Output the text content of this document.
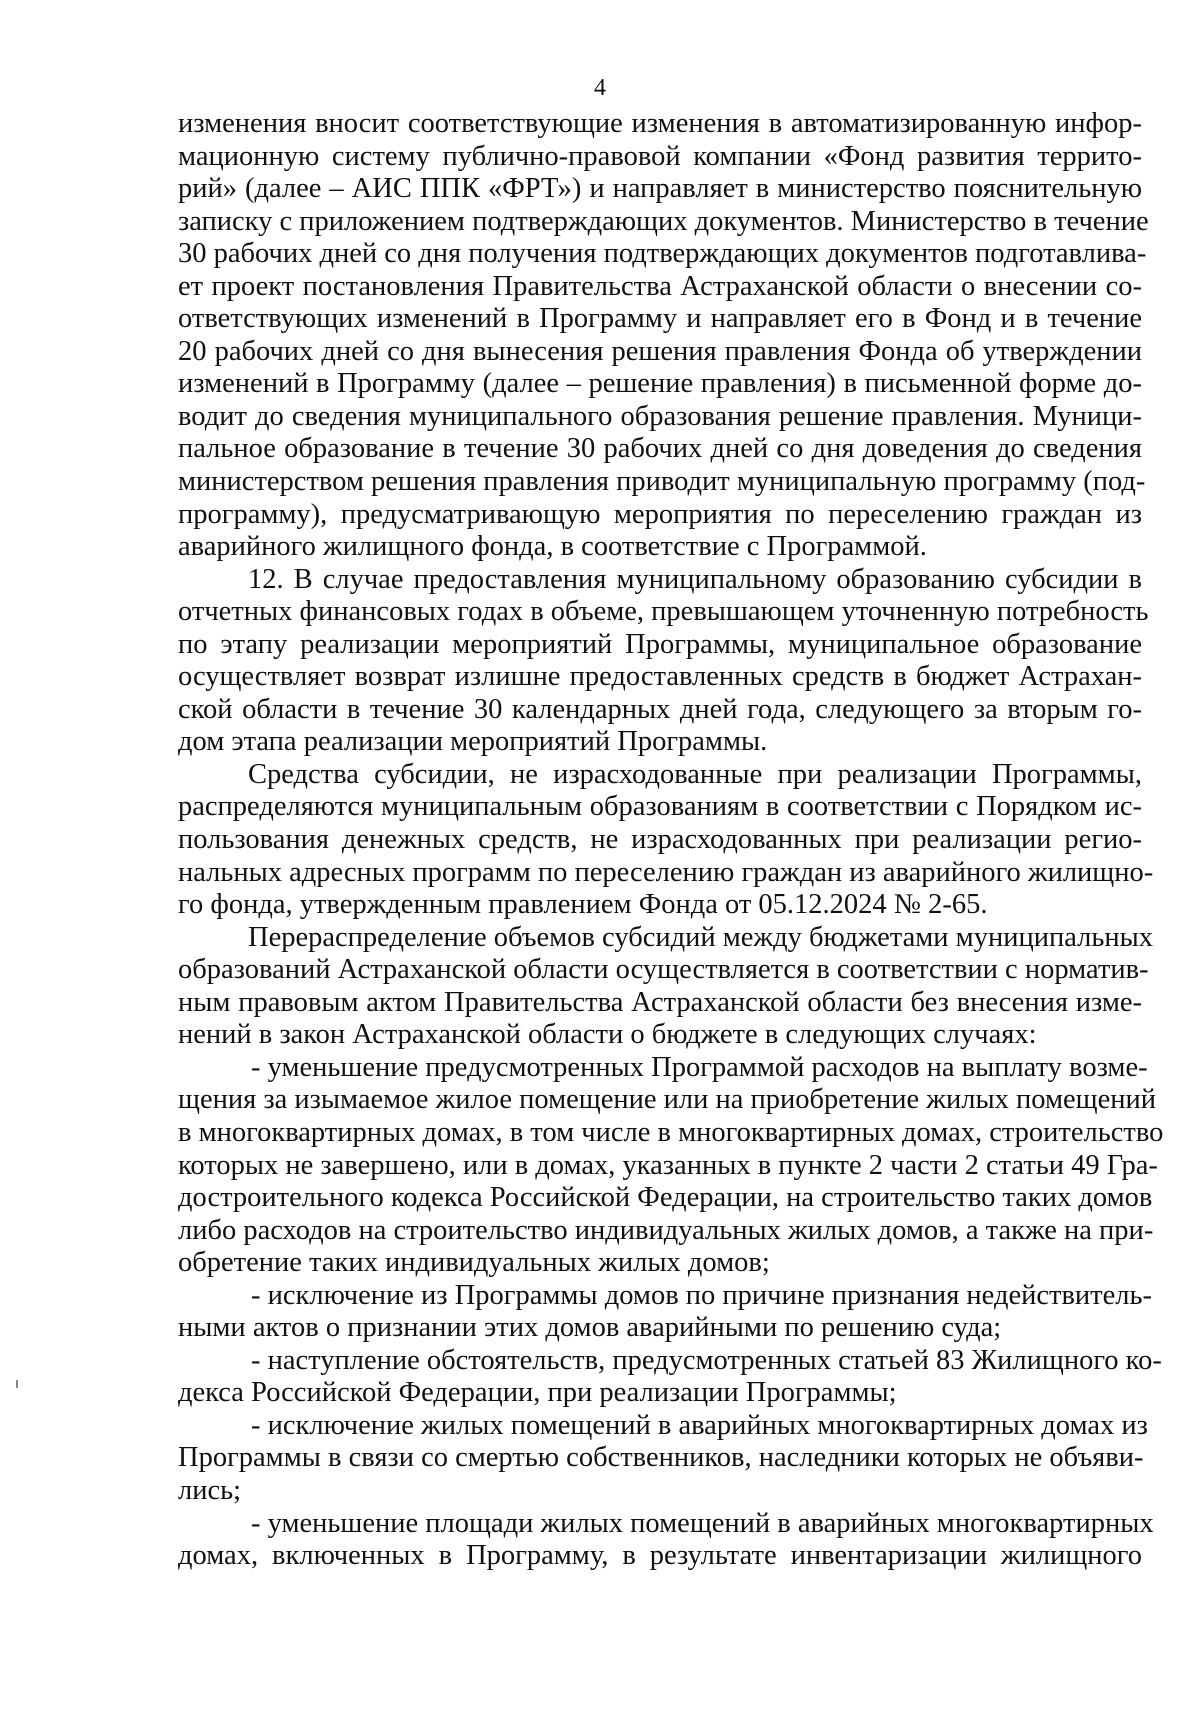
4
изменения вносит соответствующие изменения в автоматизированную инфор-
мационную систему публично-правовой компании «Фонд развития террито-
рий» (далее – АИС ППК «ФРТ») и направляет в министерство пояснительную
записку с приложением подтверждающих документов. Министерство в течение
30 рабочих дней со дня получения подтверждающих документов подготавлива-
ет проект постановления Правительства Астраханской области о внесении со-
ответствующих изменений в Программу и направляет его в Фонд и в течение
20 рабочих дней со дня вынесения решения правления Фонда об утверждении
изменений в Программу (далее – решение правления) в письменной форме до-
водит до сведения муниципального образования решение правления. Муници-
пальное образование в течение 30 рабочих дней со дня доведения до сведения
министерством решения правления приводит муниципальную программу (под-
программу), предусматривающую мероприятия по переселению граждан из
аварийного жилищного фонда, в соответствие с Программой.
12. В случае предоставления муниципальному образованию субсидии в
отчетных финансовых годах в объеме, превышающем уточненную потребность
по этапу реализации мероприятий Программы, муниципальное образование
осуществляет возврат излишне предоставленных средств в бюджет Астрахан-
ской области в течение 30 календарных дней года, следующего за вторым го-
дом этапа реализации мероприятий Программы.
Средства субсидии, не израсходованные при реализации Программы,
распределяются муниципальным образованиям в соответствии с Порядком ис-
пользования денежных средств, не израсходованных при реализации регио-
нальных адресных программ по переселению граждан из аварийного жилищно-
го фонда, утвержденным правлением Фонда от 05.12.2024 № 2-65.
Перераспределение объемов субсидий между бюджетами муниципальных
образований Астраханской области осуществляется в соответствии с норматив-
ным правовым актом Правительства Астраханской области без внесения изме-
нений в закон Астраханской области о бюджете в следующих случаях:
- уменьшение предусмотренных Программой расходов на выплату возме-
щения за изымаемое жилое помещение или на приобретение жилых помещений
в многоквартирных домах, в том числе в многоквартирных домах, строительство
которых не завершено, или в домах, указанных в пункте 2 части 2 статьи 49 Гра-
достроительного кодекса Российской Федерации, на строительство таких домов
либо расходов на строительство индивидуальных жилых домов, а также на при-
обретение таких индивидуальных жилых домов;
- исключение из Программы домов по причине признания недействитель-
ными актов о признании этих домов аварийными по решению суда;
- наступление обстоятельств, предусмотренных статьей 83 Жилищного ко-
декса Российской Федерации, при реализации Программы;
- исключение жилых помещений в аварийных многоквартирных домах из
Программы в связи со смертью собственников, наследники которых не объяви-
лись;
- уменьшение площади жилых помещений в аварийных многоквартирных
домах, включенных в Программу, в результате инвентаризации жилищного
